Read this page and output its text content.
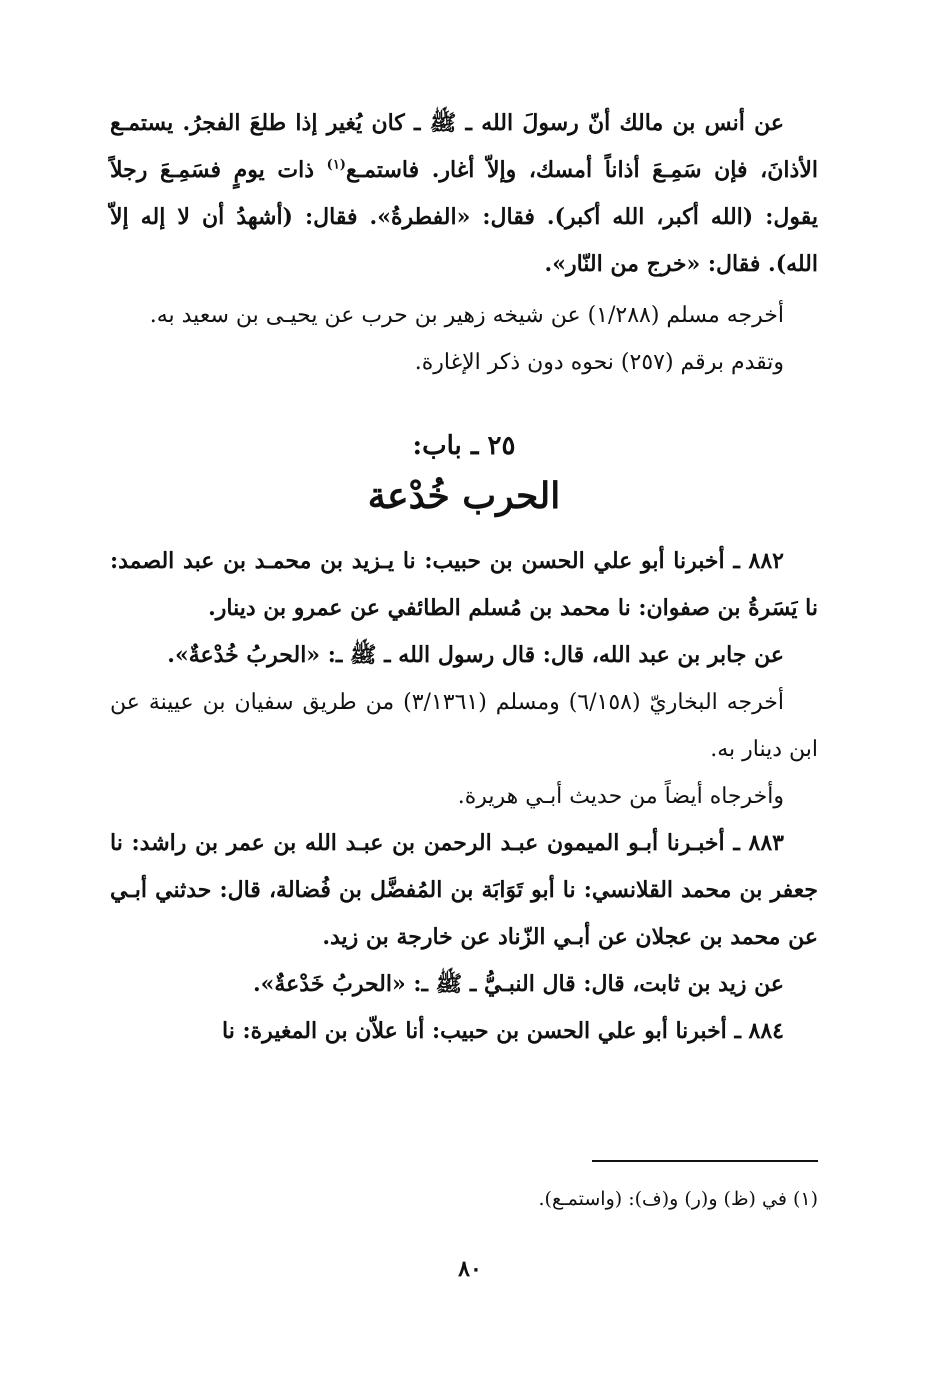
عن أنس بن مالك أنّ رسولَ الله ـ ﷺ ـ كان يُغير إذا طلعَ الفجرُ. يستمـع الأذانَ، فإن سَمِـعَ أذاناً أمسك، وإلاّ أغار. فاستمـع$^{(١)}$ ذات يومٍ فسَمِـعَ رجلاً يقول: (الله أكبر، الله أكبر). فقال: «الفطرةُ». فقال: (أشهدُ أن لا إله إلاّ الله). فقال: «خرج من النّار».

أخرجه مسلم (١/٢٨٨) عن شيخه زهير بن حرب عن يحيـى بن سعيد به.

وتقدم برقم (٢٥٧) نحوه دون ذكر الإغارة.

٢٥ ـ باب:
الحرب خُدْعة

٨٨٢ ـ أخبرنا أبو علي الحسن بن حبيب: نا يـزيد بن محمـد بن عبد الصمد: نا يَسَرةُ بن صفوان: نا محمد بن مُسلم الطائفي عن عمرو بن دينار.

عن جابر بن عبد الله، قال: قال رسول الله ـ ﷺ ـ: «الحربُ خُدْعةٌ».

أخرجه البخاريّ (٦/١٥٨) ومسلم (٣/١٣٦١) من طريق سفيان بن عيينة عن ابن دينار به.

وأخرجاه أيضاً من حديث أبـي هريرة.

٨٨٣ ـ أخبـرنا أبـو الميمون عبـد الرحمن بن عبـد الله بن عمر بن راشد: نا جعفر بن محمد القلانسي: نا أبو تَوَابَة بن المُفضَّل بن فُضالة، قال: حدثني أبـي عن محمد بن عجلان عن أبـي الزّناد عن خارجة بن زيد.

عن زيد بن ثابت، قال: قال النبـيُّ ـ ﷺ ـ: «الحربُ خَدْعةٌ».

٨٨٤ ـ أخبرنا أبو علي الحسن بن حبيب: أنا علاّن بن المغيرة: نا

(١) في (ظ) و(ر) و(ف): (واستمـع).
٨٠
